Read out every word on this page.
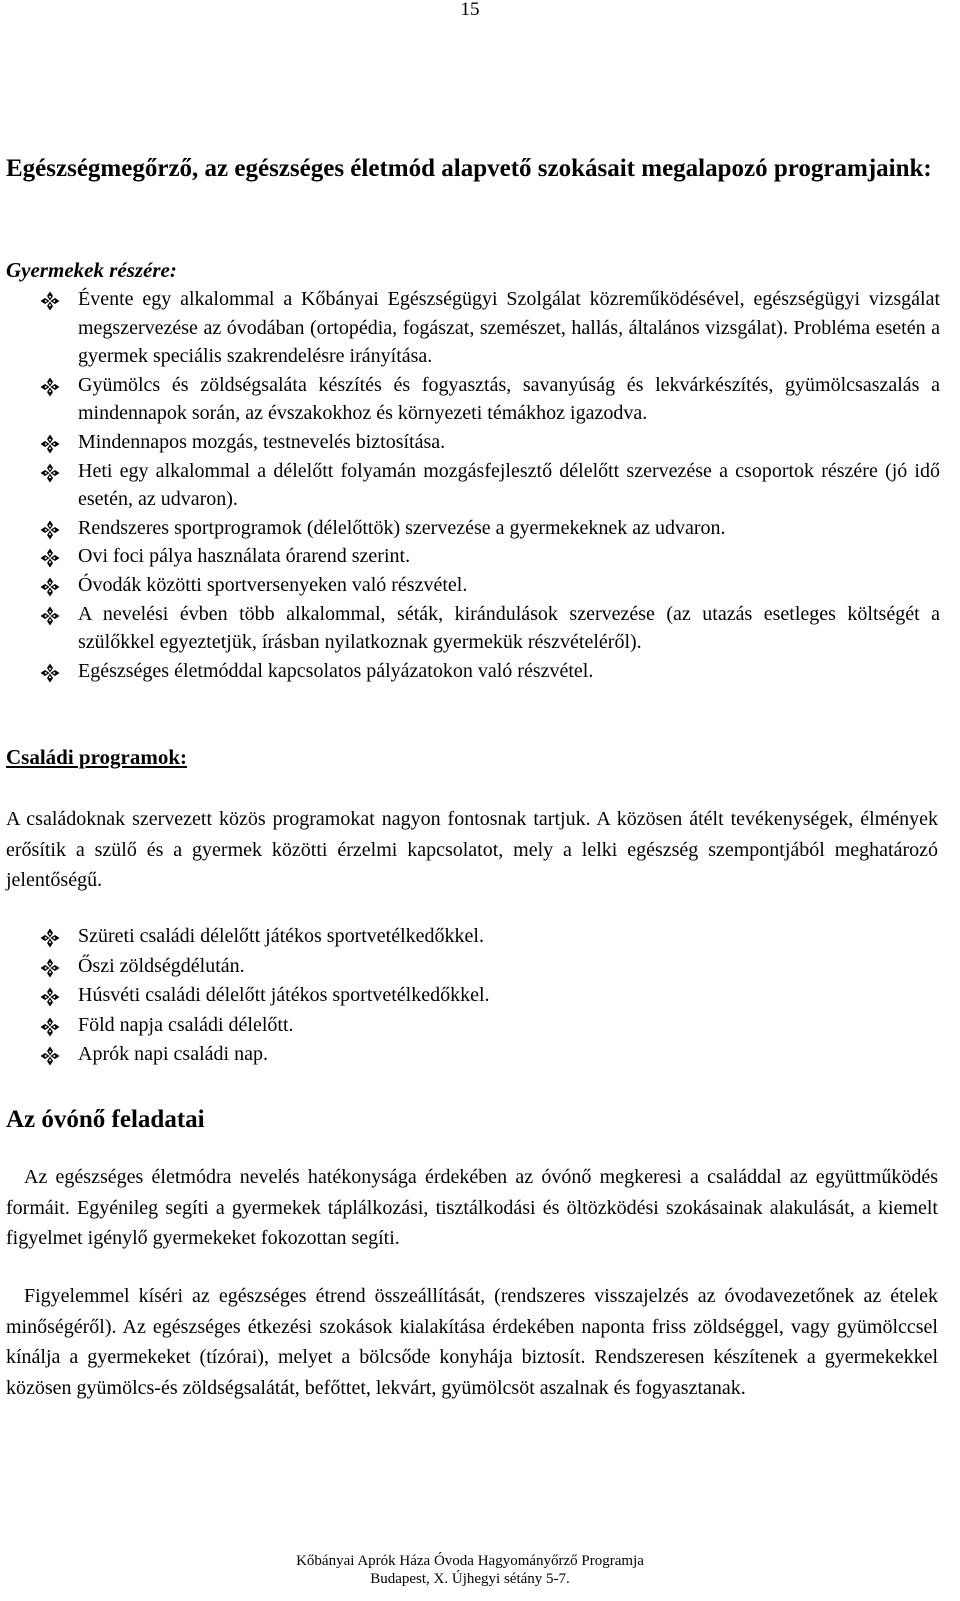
15
Egészségmegőrző, az egészséges életmód alapvető szokásait megalapozó programjaink:
Gyermekek részére:
Évente egy alkalommal a Kőbányai Egészségügyi Szolgálat közreműködésével, egészségügyi vizsgálat megszervezése az óvodában (ortopédia, fogászat, szemészet, hallás, általános vizsgálat). Probléma esetén a gyermek speciális szakrendelésre irányítása.
Gyümölcs és zöldségsaláta készítés és fogyasztás, savanyúság és lekvárkészítés, gyümölcsaszalás a mindennapok során, az évszakokhoz és környezeti témákhoz igazodva.
Mindennapos mozgás, testnevelés biztosítása.
Heti egy alkalommal a délelőtt folyamán mozgásfejlesztő délelőtt szervezése a csoportok részére (jó idő esetén, az udvaron).
Rendszeres sportprogramok (délelőttök) szervezése a gyermekeknek az udvaron.
Ovi foci pálya használata órarend szerint.
Óvodák közötti sportversenyeken való részvétel.
A nevelési évben több alkalommal, séták, kirándulások szervezése (az utazás esetleges költségét a szülőkkel egyeztetjük, írásban nyilatkoznak gyermekük részvételéről).
Egészséges életmóddal kapcsolatos pályázatokon való részvétel.
Családi programok:

A családoknak szervezett közös programokat nagyon fontosnak tartjuk. A közösen átélt tevékenységek, élmények erősítik a szülő és a gyermek közötti érzelmi kapcsolatot, mely a lelki egészség szempontjából meghatározó jelentőségű.

Szüreti családi délelőtt játékos sportvetélkedőkkel.
Őszi zöldségdélután.
Húsvéti családi délelőtt játékos sportvetélkedőkkel.
Föld napja családi délelőtt.
Aprók napi családi nap.
Az óvónő feladatai

Az egészséges életmódra nevelés hatékonysága érdekében az óvónő megkeresi a családdal az együttműködés formáit. Egyénileg segíti a gyermekek táplálkozási, tisztálkodási és öltözködési szokásainak alakulását, a kiemelt figyelmet igénylő gyermekeket fokozottan segíti.

Figyelemmel kíséri az egészséges étrend összeállítását, (rendszeres visszajelzés az óvodavezetőnek az ételek minőségéről). Az egészséges étkezési szokások kialakítása érdekében naponta friss zöldséggel, vagy gyümölccsel kínálja a gyermekeket (tízórai), melyet a bölcsőde konyhája biztosít. Rendszeresen készítenek a gyermekekkel közösen gyümölcs-és zöldségsalátát, befőttet, lekvárt, gyümölcsöt aszalnak és fogyasztanak.

Kőbányai Aprók Háza Óvoda Hagyományőrző Programja
Budapest, X. Újhegyi sétány 5-7.
